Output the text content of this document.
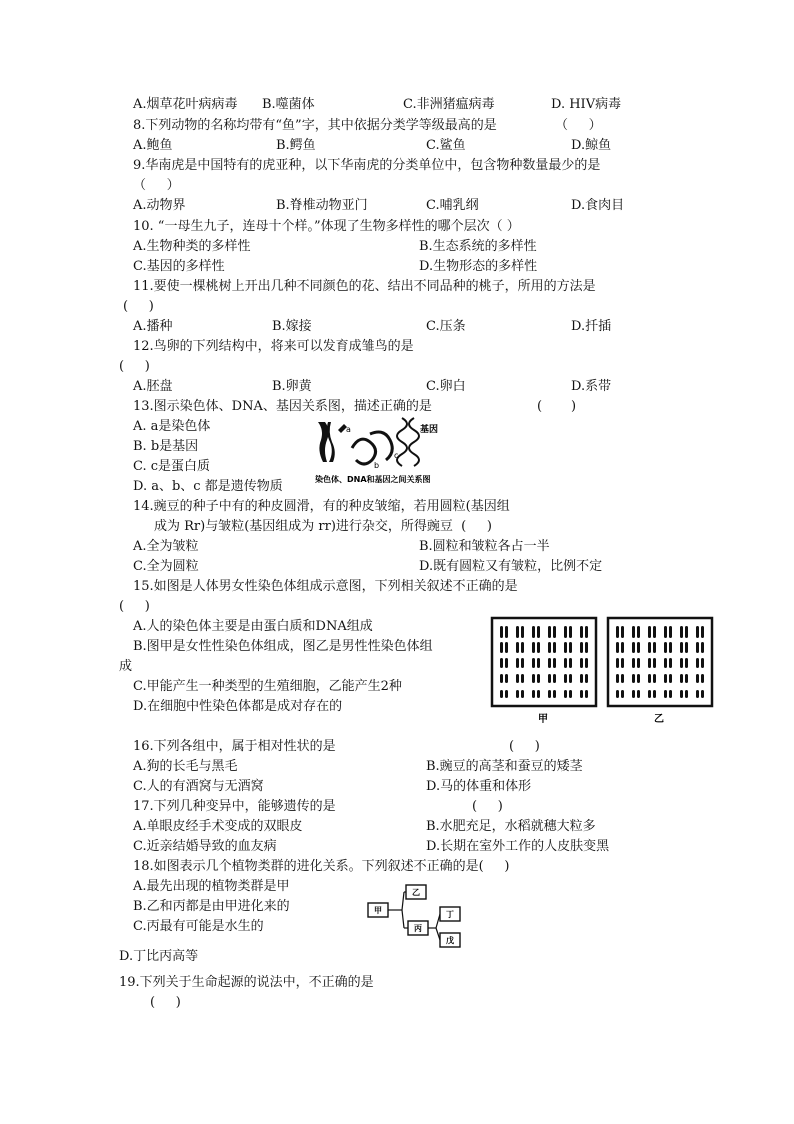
A.烟草花叶病病毒 B.噬菌体	C.非洲猪瘟病毒	D. HIV病毒
8.下列动物的名称均带有“鱼”字，其中依据分类学等级最高的是	（     ）
A.鲍鱼	B.鳄鱼	C.鲨鱼	D.鲸鱼
9.华南虎是中国特有的虎亚种，以下华南虎的分类单位中，包含物种数量最少的是
（     ）
A.动物界	B.脊椎动物亚门	C.哺乳纲	D.食肉目
10. “一母生九子，连母十个样。”体现了生物多样性的哪个层次（ ）
A.生物种类的多样性	B.生态系统的多样性
C.基因的多样性	D.生物形态的多样性
11.要使一棵桃树上开出几种不同颜色的花、结出不同品种的桃子，所用的方法是
(     )
A.播种	B.嫁接	C.压条	D.扦插
12.鸟卵的下列结构中，将来可以发育成雏鸟的是
(     )
A.胚盘	B.卵黄	C.卵白	D.系带
13.图示染色体、DNA、基因关系图，描述正确的是	(       )
A. a是染色体
B. b是基因
C. c是蛋白质
D. a、b、c 都是遗传物质
a
b
c
基因
染色体、DNA和基因之间关系图
14.豌豆的种子中有的种皮圆滑，有的种皮皱缩，若用圆粒(基因组
成为 Rr)与皱粒(基因组成为 rr)进行杂交，所得豌豆  (     )
A.全为皱粒	B.圆粒和皱粒各占一半
C.全为圆粒	D.既有圆粒又有皱粒，比例不定
15.如图是人体男女性染色体组成示意图，下列相关叙述不正确的是
(     )
A.人的染色体主要是由蛋白质和DNA组成
B.图甲是女性性染色体组成，图乙是男性性染色体组
成
C.甲能产生一种类型的生殖细胞，乙能产生2种
D.在细胞中性染色体都是成对存在的
甲	乙
16.下列各组中，属于相对性状的是	(     )
A.狗的长毛与黑毛	B.豌豆的高茎和蚕豆的矮茎
C.人的有酒窝与无酒窝	D.马的体重和体形
17.下列几种变异中，能够遗传的是	(     )
A.单眼皮经手术变成的双眼皮	B.水肥充足，水稻就穗大粒多
C.近亲结婚导致的血友病	D.长期在室外工作的人皮肤变黑
18.如图表示几个植物类群的进化关系。下列叙述不正确的是(     )
A.最先出现的植物类群是甲
B.乙和丙都是由甲进化来的
C.丙最有可能是水生的
D.丁比丙高等
甲
乙
丙
丁
戊
19.下列关于生命起源的说法中，不正确的是
(     )
